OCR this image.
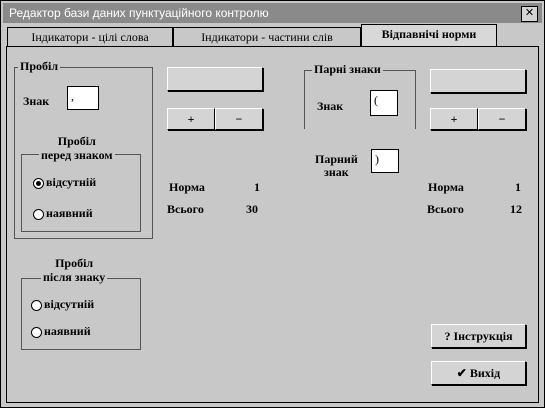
Редактор бази даних пунктуаційного контролю	✕
Індикатори - цілі слова	Індикатори - частини слів	Відпавнічі норми
Пробіл
Знак	,
Пробіл
перед знаком
відсутній
наявний
Пробіл
після знаку
відсутній
наявний
+	−
Норма	1
Всього	30
Парні знаки
Знак	(
Парний
знак
)
+	−
Норма	1
Всього	12
? Інструкція
✔ Вихід
